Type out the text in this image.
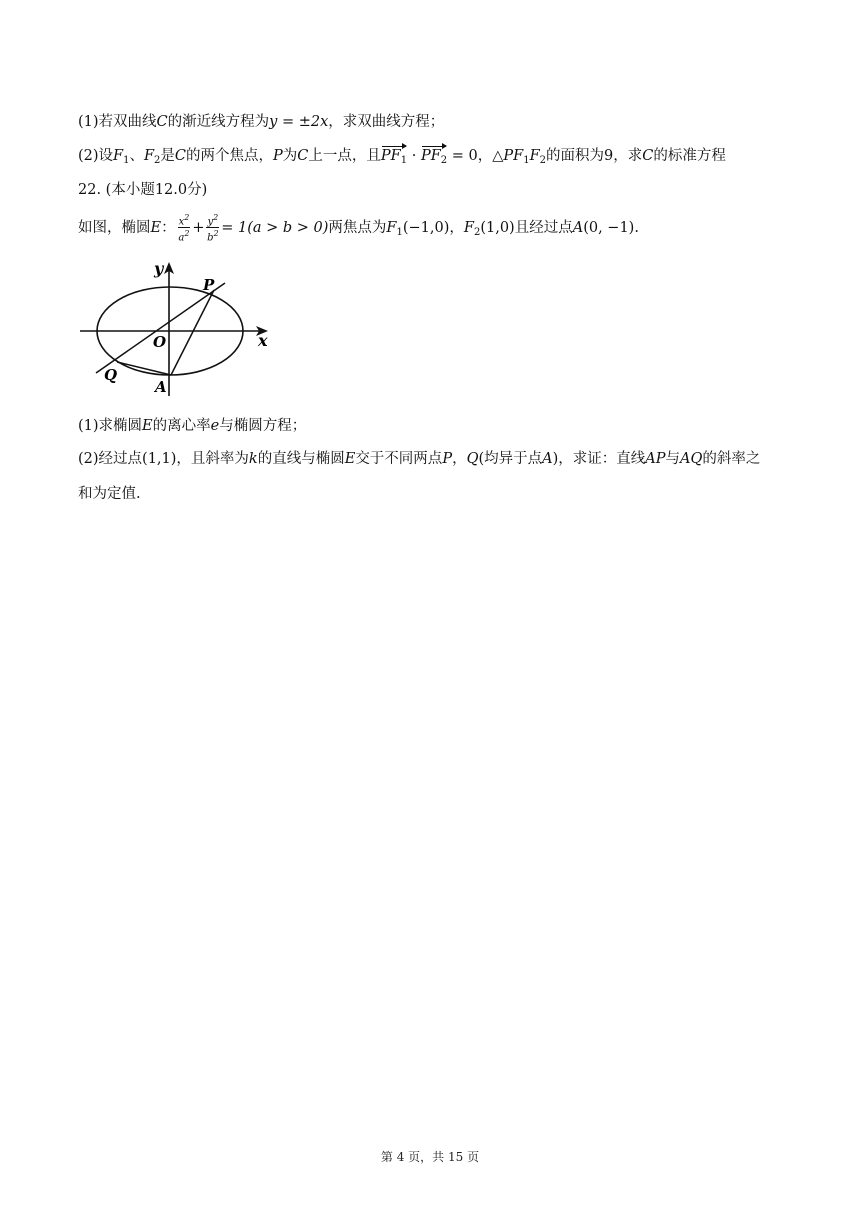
(1)若双曲线C的渐近线方程为y = ±2x，求双曲线方程；
(2)设$F_1$、$F_2$是C的两个焦点，P为C上一点，且$PF_1 \cdot PF_2 = 0$，$\triangle PF_1F_2$的面积为9，求C的标准方程
22. (本小题12.0分)
如图，椭圆E： $\frac{x^2}{a^2} + \frac{y^2}{b^2} = 1(a > b > 0)$两焦点为$F_1(-1,0)$，$F_2(1,0)$且经过点A(0, −1).
y
x
O
P
Q
A
(1)求椭圆E的离心率e与椭圆方程；
(2)经过点(1,1)，且斜率为k的直线与椭圆E交于不同两点P，Q(均异于点A)，求证：直线AP与AQ的斜率之
和为定值.
第 4 页，共 15 页
